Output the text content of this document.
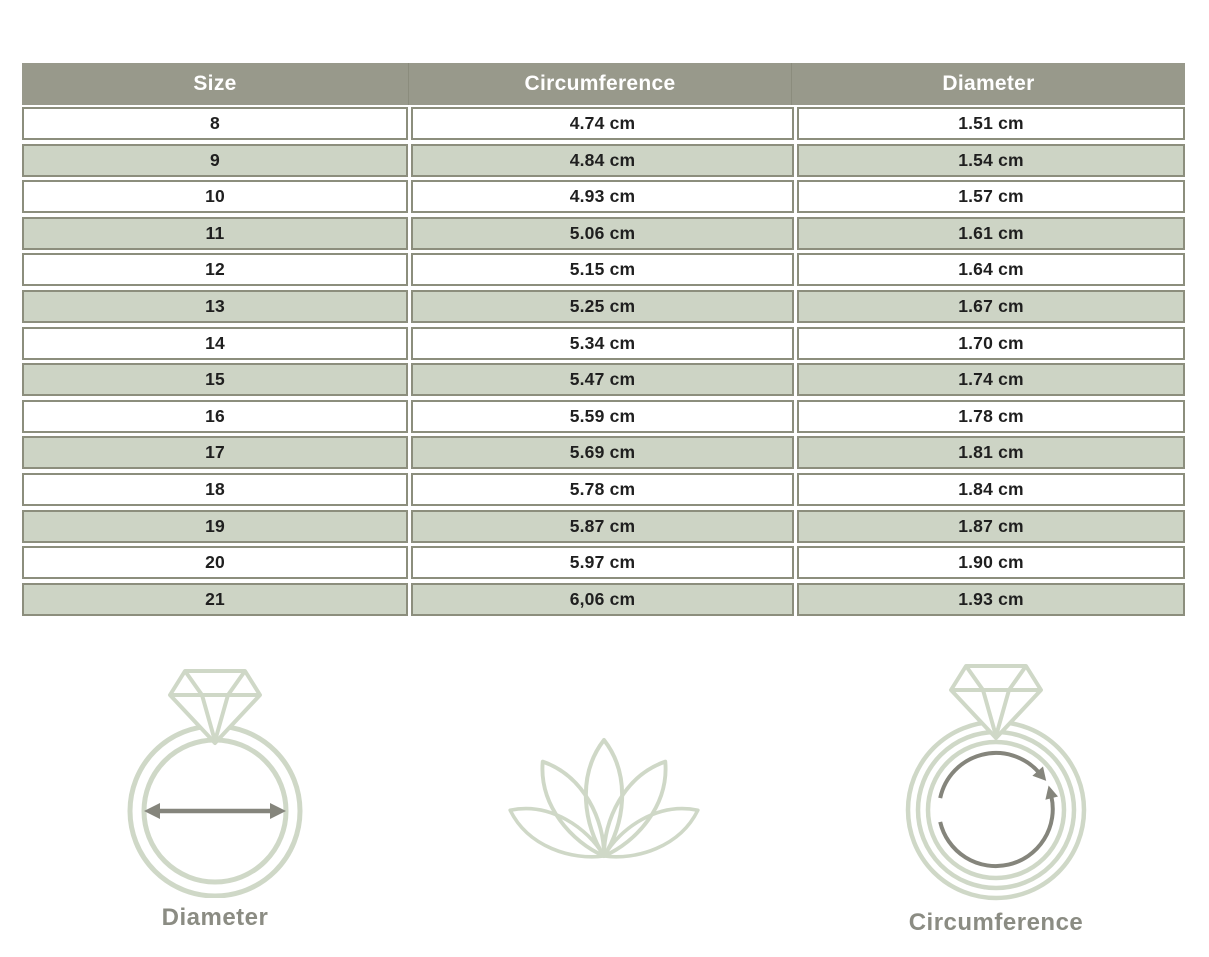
Size	Circumference	Diameter
8	4.74 cm	1.51 cm
9	4.84 cm	1.54 cm
10	4.93 cm	1.57 cm
11	5.06 cm	1.61 cm
12	5.15 cm	1.64 cm
13	5.25 cm	1.67 cm
14	5.34 cm	1.70 cm
15	5.47 cm	1.74 cm
16	5.59 cm	1.78 cm
17	5.69 cm	1.81 cm
18	5.78 cm	1.84 cm
19	5.87 cm	1.87 cm
20	5.97 cm	1.90 cm
21	6,06 cm	1.93 cm
Diameter	Circumference
